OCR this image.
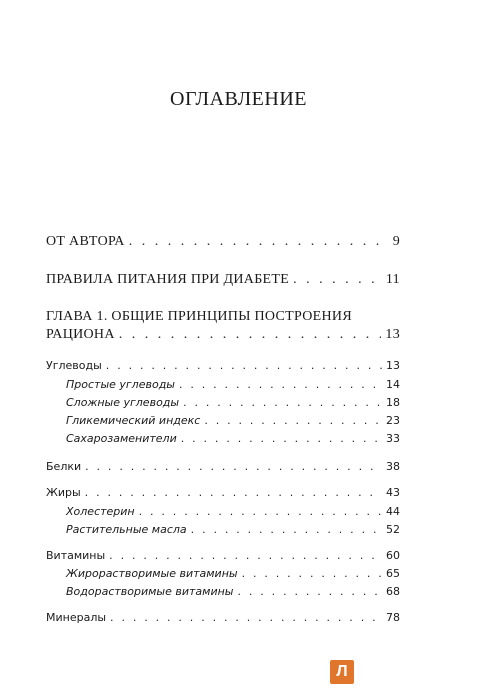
ОГЛАВЛЕНИЕ
ОТ АВТОРА . . .	9
ПРАВИЛА ПИТАНИЯ ПРИ ДИАБЕТЕ . . .	11
ГЛАВА 1. ОБЩИЕ ПРИНЦИПЫ ПОСТРОЕНИЯ
РАЦИОНА . . .	13
Углеводы . . .	13
Простые углеводы . . .	14
Сложные углеводы . . .	18
Гликемический индекс . . .	23
Сахарозаменители . . .	33
Белки . . .	38
Жиры . . .	43
Холестерин . . .	44
Растительные масла . . .	52
Витамины . . .	60
Жирорастворимые витамины . . .	65
Водорастворимые витамины . . .	68
Минералы . . .	78
Л
